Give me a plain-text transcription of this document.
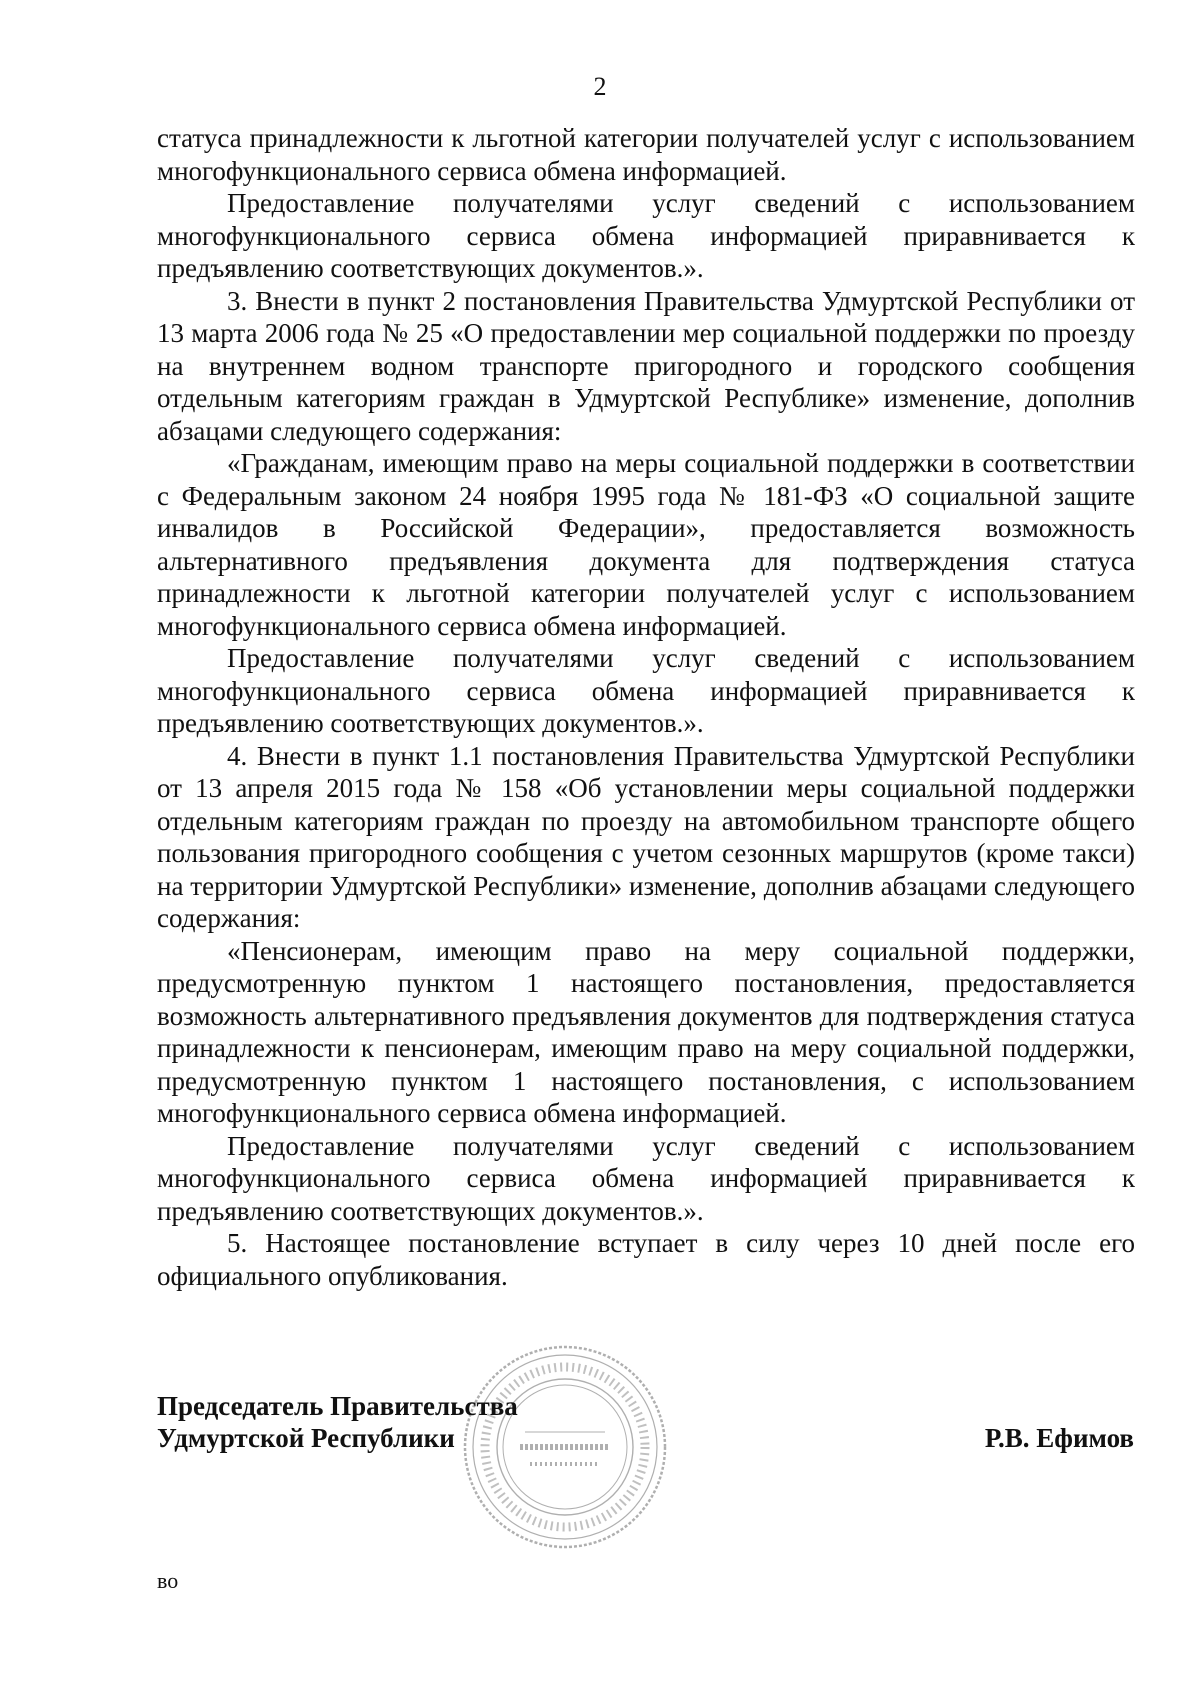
2

статуса принадлежности к льготной категории получателей услуг с использованием многофункционального сервиса обмена информацией.

Предоставление получателями услуг сведений с использованием многофункционального сервиса обмена информацией приравнивается к предъявлению соответствующих документов.».

3. Внести в пункт 2 постановления Правительства Удмуртской Республики от 13 марта 2006 года № 25 «О предоставлении мер социальной поддержки по проезду на внутреннем водном транспорте пригородного и городского сообщения отдельным категориям граждан в Удмуртской Республике» изменение, дополнив абзацами следующего содержания:

«Гражданам, имеющим право на меры социальной поддержки в соответствии с Федеральным законом 24 ноября 1995 года № 181-ФЗ «О социальной защите инвалидов в Российской Федерации», предоставляется возможность альтернативного предъявления документа для подтверждения статуса принадлежности к льготной категории получателей услуг с использованием многофункционального сервиса обмена информацией.

Предоставление получателями услуг сведений с использованием многофункционального сервиса обмена информацией приравнивается к предъявлению соответствующих документов.».

4. Внести в пункт 1.1 постановления Правительства Удмуртской Республики от 13 апреля 2015 года № 158 «Об установлении меры социальной поддержки отдельным категориям граждан по проезду на автомобильном транспорте общего пользования пригородного сообщения с учетом сезонных маршрутов (кроме такси) на территории Удмуртской Республики» изменение, дополнив абзацами следующего содержания:

«Пенсионерам, имеющим право на меру социальной поддержки, предусмотренную пунктом 1 настоящего постановления, предоставляется возможность альтернативного предъявления документов для подтверждения статуса принадлежности к пенсионерам, имеющим право на меру социальной поддержки, предусмотренную пунктом 1 настоящего постановления, с использованием многофункционального сервиса обмена информацией.

Предоставление получателями услуг сведений с использованием многофункционального сервиса обмена информацией приравнивается к предъявлению соответствующих документов.».

5. Настоящее постановление вступает в силу через 10 дней после его официального опубликования.

Председатель Правительства
Удмуртской Республики	Р.В. Ефимов
во
